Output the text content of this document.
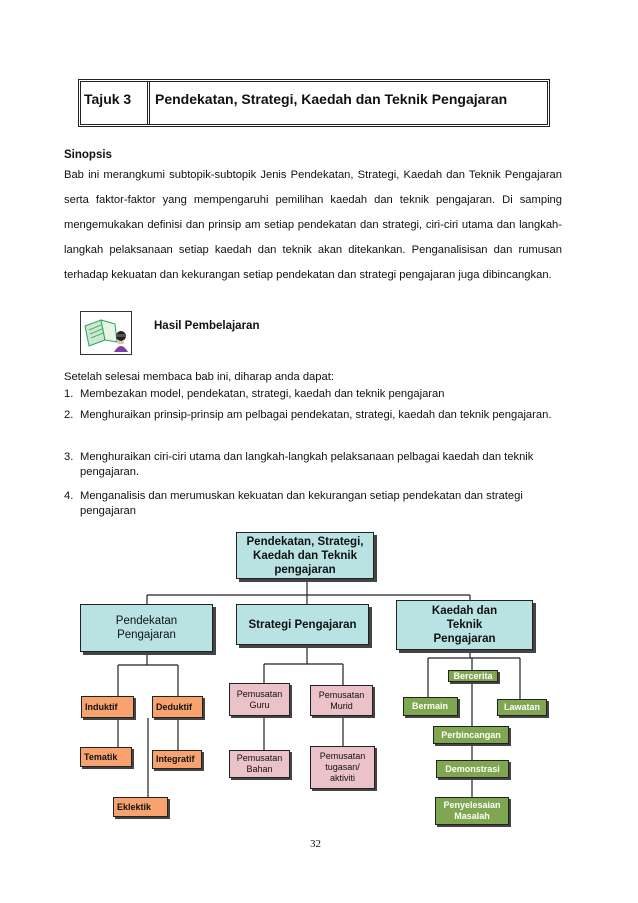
Tajuk 3 Pendekatan, Strategi, Kaedah dan Teknik Pengajaran
Sinopsis
Bab ini merangkumi subtopik-subtopik Jenis Pendekatan, Strategi, Kaedah dan Teknik Pengajaran serta faktor-faktor yang mempengaruhi pemilihan kaedah dan teknik pengajaran. Di samping mengemukakan definisi dan prinsip am setiap pendekatan dan strategi, ciri-ciri utama dan langkah-langkah pelaksanaan setiap kaedah dan teknik akan ditekankan. Penganalisisan dan rumusan terhadap kekuatan dan kekurangan setiap pendekatan dan strategi pengajaran juga dibincangkan.
Hasil Pembelajaran
Setelah selesai membaca bab ini, diharap anda dapat:
1. Membezakan model, pendekatan, strategi, kaedah dan teknik pengajaran
2. Menghuraikan prinsip-prinsip am pelbagai pendekatan, strategi, kaedah dan teknik pengajaran.
3. Menghuraikan ciri-ciri utama dan langkah-langkah pelaksanaan pelbagai kaedah dan teknik pengajaran.
4. Menganalisis dan merumuskan kekuatan dan kekurangan setiap pendekatan dan strategi pengajaran
Pendekatan, Strategi, Kaedah dan Teknik pengajaran
Pendekatan Pengajaran
Strategi Pengajaran
Kaedah dan Teknik Pengajaran
Induktif	Deduktif
Tematik	Integratif
Eklektik
Pemusatan Guru
Pemusatan Murid
Pemusatan Bahan
Pemusatan tugasan/ aktiviti
Bercerita
Bermain	Lawatan
Perbincangan
Demonstrasi
Penyelesaian Masalah
32
